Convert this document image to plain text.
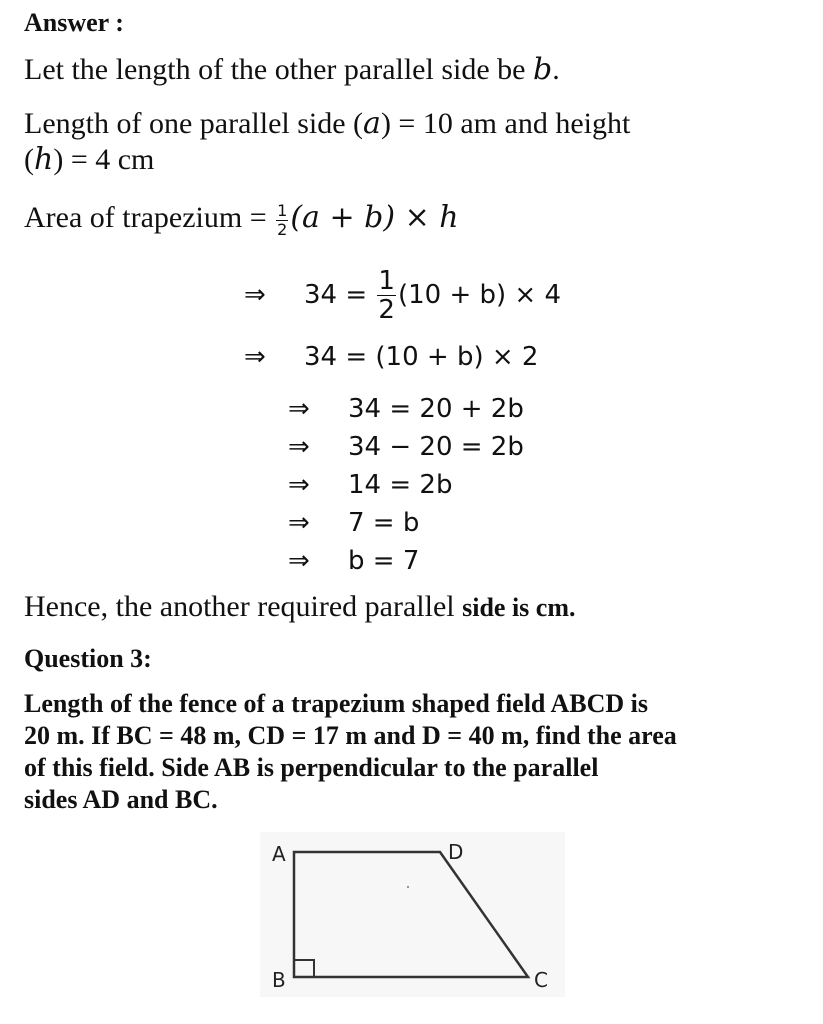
Answer :
Let the length of the other parallel side be b.
Length of one parallel side (a) = 10 am and height
(h) = 4 cm
Area of trapezium = $\frac{1}{2} (a + b) \times h$
⇒ $34 = \frac{1}{2} (10 + b) \times 4$
⇒ 34 = (10 + b) × 2
⇒ 34 = 20 + 2b
⇒ 34 − 20 = 2b
⇒ 14 = 2b
⇒ 7 = b
⇒ b = 7
Hence, the another required parallel side is cm.
Question 3:
Length of the fence of a trapezium shaped field ABCD is
20 m. If BC = 48 m, CD = 17 m and D = 40 m, find the area
of this field. Side AB is perpendicular to the parallel
sides AD and BC.
A	D
B	C
